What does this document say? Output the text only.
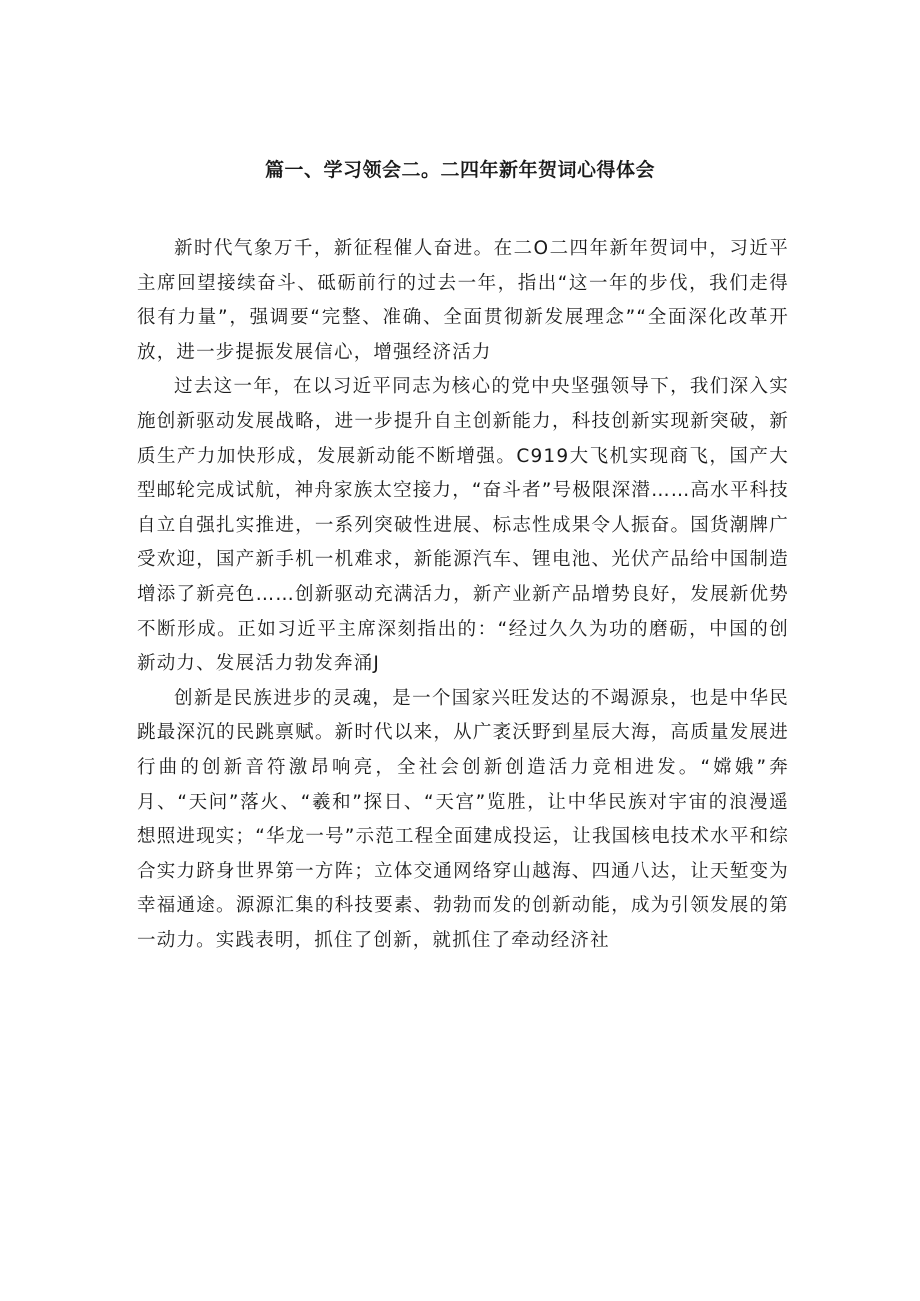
篇一、学习领会二。二四年新年贺词心得体会

新时代气象万千，新征程催人奋进。在二O二四年新年贺词中，习近平主席回望接续奋斗、砥砺前行的过去一年，指出“这一年的步伐，我们走得很有力量”，强调要“完整、准确、全面贯彻新发展理念”“全面深化改革开放，进一步提振发展信心，增强经济活力

过去这一年，在以习近平同志为核心的党中央坚强领导下，我们深入实施创新驱动发展战略，进一步提升自主创新能力，科技创新实现新突破，新质生产力加快形成，发展新动能不断增强。C919大飞机实现商飞，国产大型邮轮完成试航，神舟家族太空接力，“奋斗者”号极限深潜……高水平科技自立自强扎实推进，一系列突破性进展、标志性成果令人振奋。国货潮牌广受欢迎，国产新手机一机难求，新能源汽车、锂电池、光伏产品给中国制造增添了新亮色……创新驱动充满活力，新产业新产品增势良好，发展新优势不断形成。正如习近平主席深刻指出的：“经过久久为功的磨砺，中国的创新动力、发展活力勃发奔涌J

创新是民族进步的灵魂，是一个国家兴旺发达的不竭源泉，也是中华民跳最深沉的民跳禀赋。新时代以来，从广袤沃野到星辰大海，高质量发展进行曲的创新音符激昂响亮，全社会创新创造活力竞相进发。“嫦娥”奔月、“天问”落火、“羲和”探日、“天宫”览胜，让中华民族对宇宙的浪漫遥想照进现实；“华龙一号”示范工程全面建成投运，让我国核电技术水平和综合实力跻身世界第一方阵；立体交通网络穿山越海、四通八达，让天堑变为幸福通途。源源汇集的科技要素、勃勃而发的创新动能，成为引领发展的第一动力。实践表明，抓住了创新，就抓住了牵动经济社
